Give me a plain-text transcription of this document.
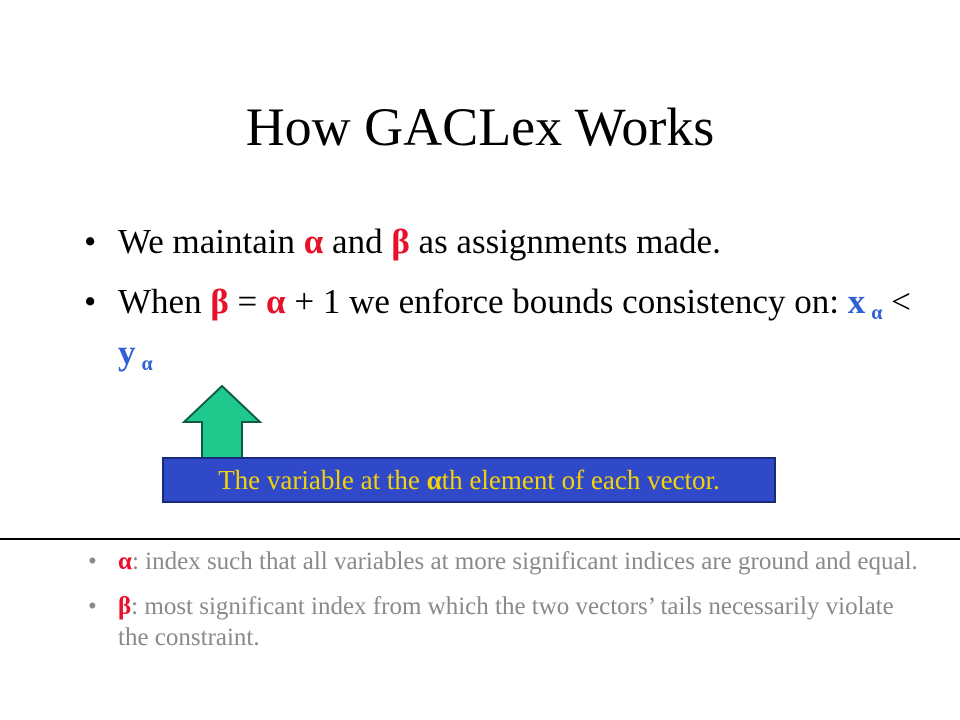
How GACLex Works
• We maintain α and β as assignments made.
• When β = α + 1 we enforce bounds consistency on: x $_\alpha$ < y $_\alpha$
The variable at the αth element of each vector.
• α: index such that all variables at more significant indices are ground and equal.
• β: most significant index from which the two vectors’ tails necessarily violate the constraint.
